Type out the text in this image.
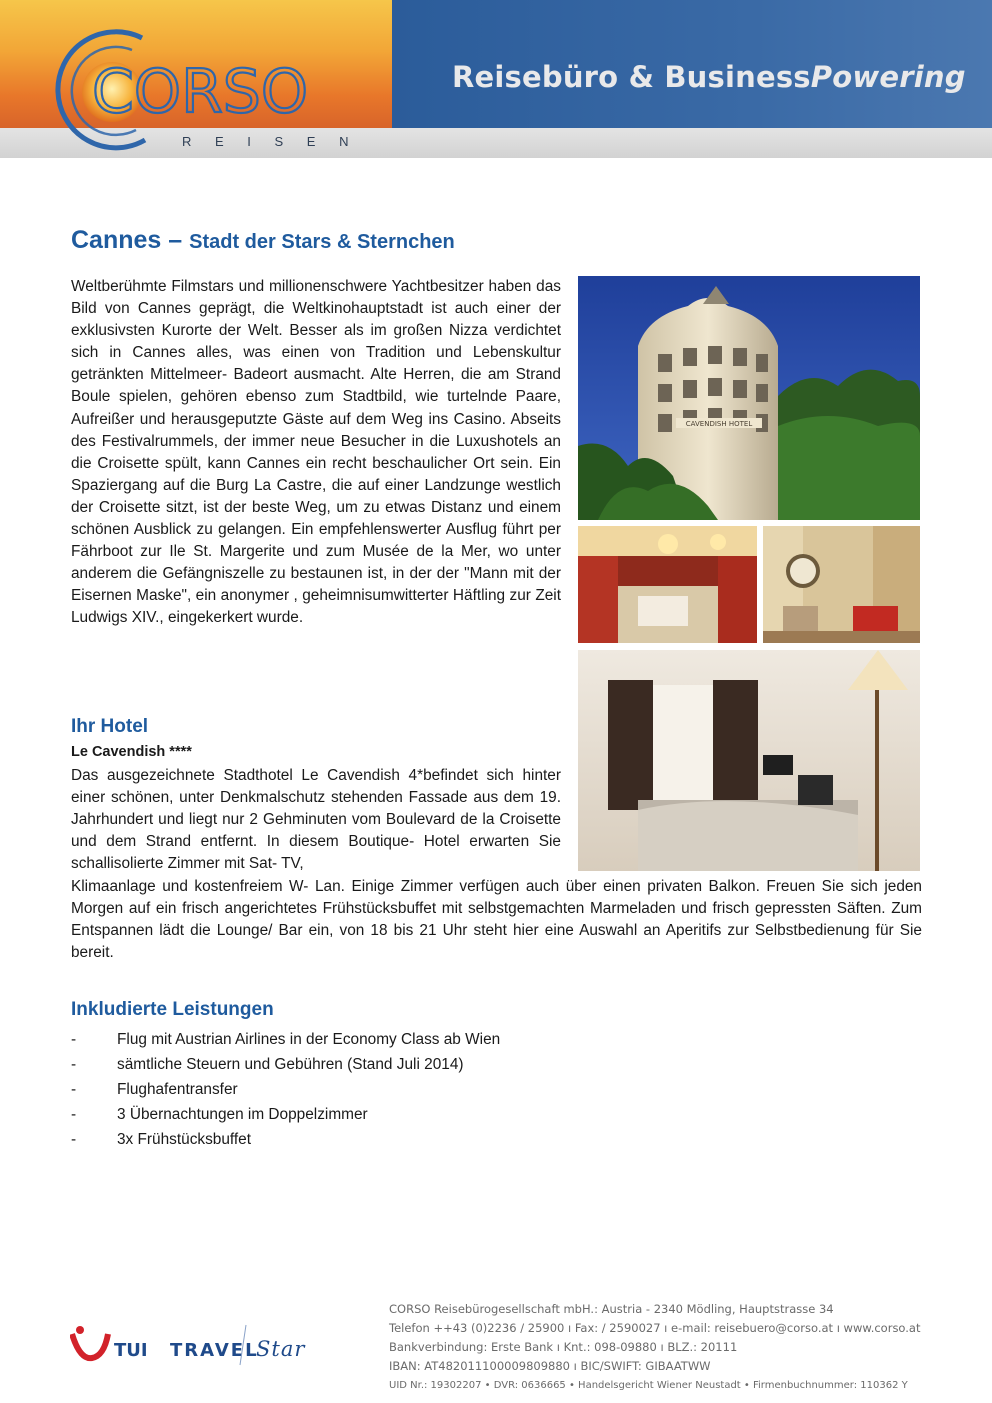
CORSO
R E I S E N
Reisebüro & BusinessPowering
Cannes – Stadt der Stars & Sternchen
Weltberühmte Filmstars und millionenschwere Yachtbesitzer haben das Bild von Cannes geprägt, die Weltkinohauptstadt ist auch einer der exklusivsten Kurorte der Welt. Besser als im großen Nizza verdichtet sich in Cannes alles, was einen von Tradition und Lebenskultur getränkten Mittelmeer- Badeort ausmacht. Alte Herren, die am Strand Boule spielen, gehören ebenso zum Stadtbild, wie turtelnde Paare, Aufreißer und herausgeputzte Gäste auf dem Weg ins Casino. Abseits des Festivalrummels, der immer neue Besucher in die Luxushotels an die Croisette spült, kann Cannes ein recht beschaulicher Ort sein. Ein Spaziergang auf die Burg La Castre, die auf einer Landzunge westlich der Croisette sitzt, ist der beste Weg, um zu etwas Distanz und einem schönen Ausblick zu gelangen. Ein empfehlenswerter Ausflug führt per Fährboot zur Ile St. Margerite und zum Musée de la Mer, wo unter anderem die Gefängniszelle zu bestaunen ist, in der der "Mann mit der Eisernen Maske", ein anonymer , geheimnisumwitterter Häftling zur Zeit Ludwigs XIV., eingekerkert wurde.
Ihr Hotel
Le Cavendish ****
Das ausgezeichnete Stadthotel Le Cavendish 4*befindet sich hinter einer schönen, unter Denkmalschutz stehenden Fassade aus dem 19. Jahrhundert und liegt nur 2 Gehminuten vom Boulevard de la Croisette und dem Strand entfernt. In diesem Boutique- Hotel erwarten Sie schallisolierte Zimmer mit Sat- TV,
Klimaanlage und kostenfreiem W- Lan. Einige Zimmer verfügen auch über einen privaten Balkon. Freuen Sie sich jeden Morgen auf ein frisch angerichtetes Frühstücksbuffet mit selbstgemachten Marmeladen und frisch gepressten Säften. Zum Entspannen lädt die Lounge/ Bar ein, von 18 bis 21 Uhr steht hier eine Auswahl an Aperitifs zur Selbstbedienung für Sie bereit.
Inkludierte Leistungen
-	Flug mit Austrian Airlines in der Economy Class ab Wien
-	sämtliche Steuern und Gebühren (Stand Juli 2014)
-	Flughafentransfer
-	3 Übernachtungen im Doppelzimmer
-	3x Frühstücksbuffet
CAVENDISH HOTEL
TUI TRAVEL
Star
CORSO Reisebürogesellschaft mbH.: Austria - 2340 Mödling, Hauptstrasse 34
Telefon ++43 (0)2236 / 25900 ı Fax: / 2590027 ı e-mail: reisebuero@corso.at ı www.corso.at
Bankverbindung: Erste Bank ı Knt.: 098-09880 ı BLZ.: 20111
IBAN: AT482011100009809880 ı BIC/SWIFT: GIBAATWW
UID Nr.: 19302207 • DVR: 0636665 • Handelsgericht Wiener Neustadt • Firmenbuchnummer: 110362 Y
